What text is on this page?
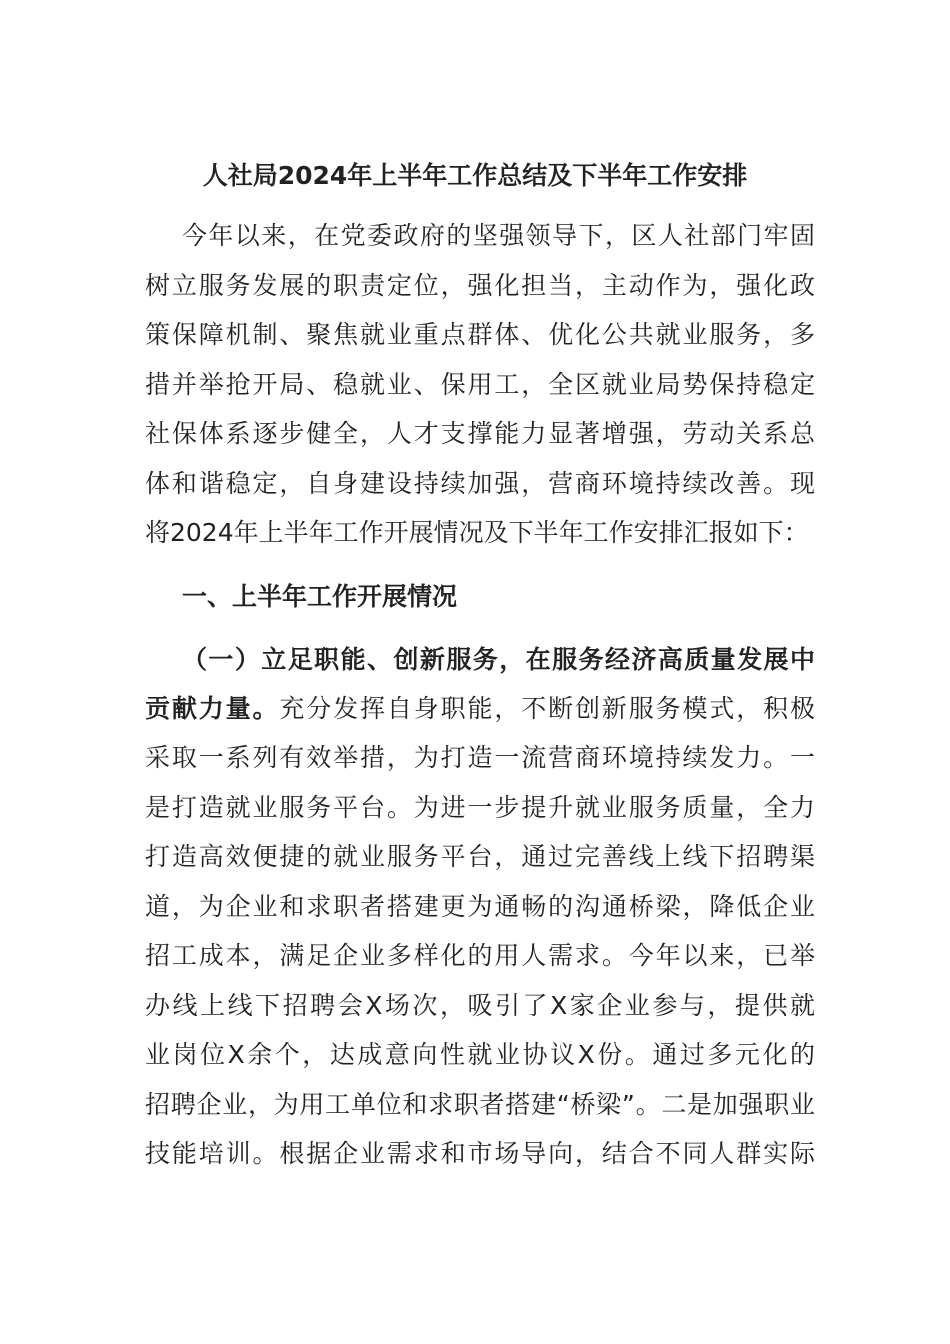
人社局2024年上半年工作总结及下半年工作安排

今年以来，在党委政府的坚强领导下，区人社部门牢固

树立服务发展的职责定位，强化担当，主动作为，强化政

策保障机制、聚焦就业重点群体、优化公共就业服务，多

措并举抢开局、稳就业、保用工，全区就业局势保持稳定

社保体系逐步健全，人才支撑能力显著增强，劳动关系总

体和谐稳定，自身建设持续加强，营商环境持续改善。现

将2024年上半年工作开展情况及下半年工作安排汇报如下：

一、上半年工作开展情况

（一）立足职能、创新服务，在服务经济高质量发展中

贡献力量。充分发挥自身职能，不断创新服务模式，积极

采取一系列有效举措，为打造一流营商环境持续发力。一

是打造就业服务平台。为进一步提升就业服务质量，全力

打造高效便捷的就业服务平台，通过完善线上线下招聘渠

道，为企业和求职者搭建更为通畅的沟通桥梁，降低企业

招工成本，满足企业多样化的用人需求。今年以来，已举

办线上线下招聘会X场次，吸引了X家企业参与，提供就

业岗位X余个，达成意向性就业协议X份。通过多元化的

招聘企业，为用工单位和求职者搭建“桥梁”。二是加强职业

技能培训。根据企业需求和市场导向，结合不同人群实际
